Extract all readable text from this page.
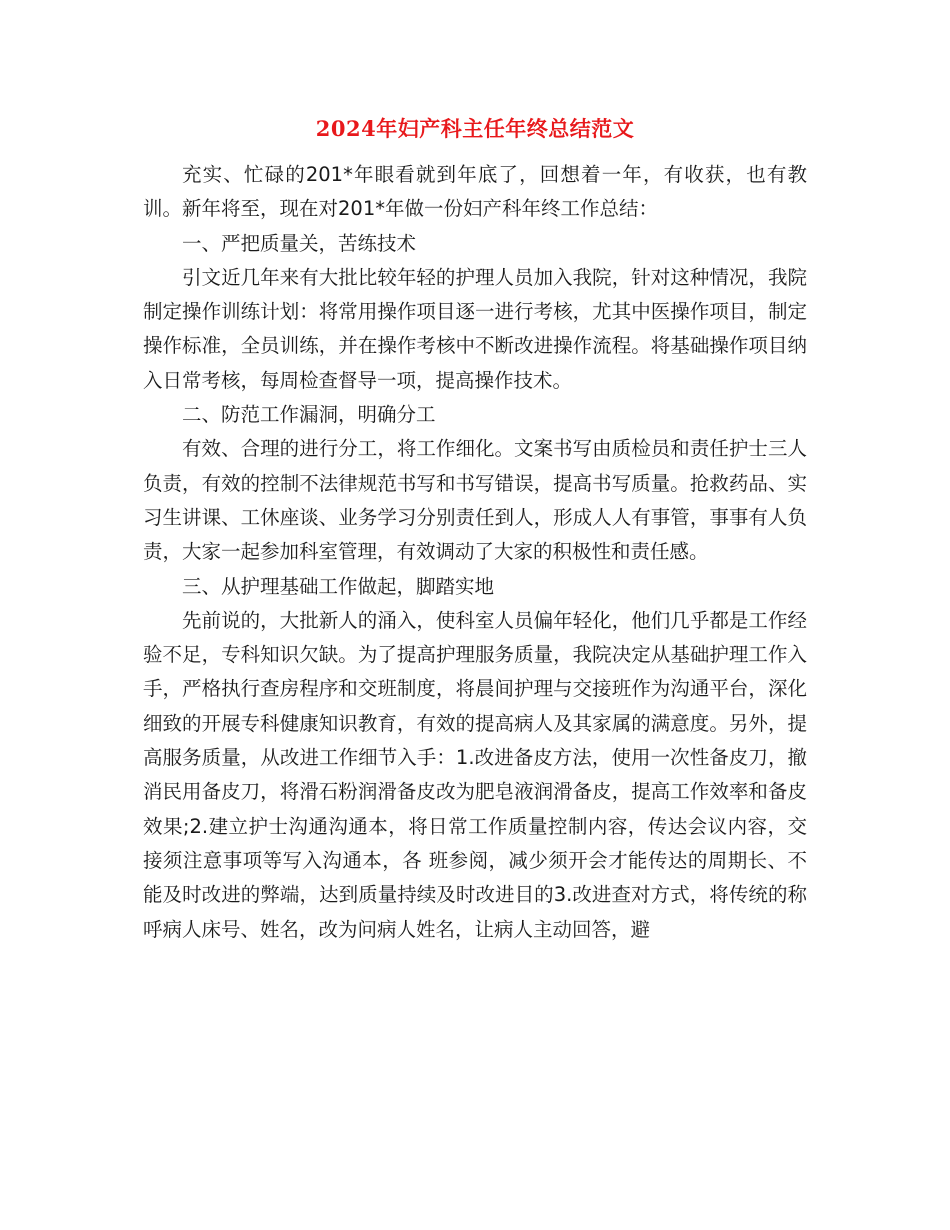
2024年妇产科主任年终总结范文

充实、忙碌的201*年眼看就到年底了，回想着一年，有收获，也有教训。新年将至，现在对201*年做一份妇产科年终工作总结：

一、严把质量关，苦练技术

引文近几年来有大批比较年轻的护理人员加入我院，针对这种情况，我院制定操作训练计划：将常用操作项目逐一进行考核，尤其中医操作项目，制定操作标准，全员训练，并在操作考核中不断改进操作流程。将基础操作项目纳入日常考核，每周检查督导一项，提高操作技术。

二、防范工作漏洞，明确分工

有效、合理的进行分工，将工作细化。文案书写由质检员和责任护士三人负责，有效的控制不法律规范书写和书写错误，提高书写质量。抢救药品、实习生讲课、工休座谈、业务学习分别责任到人，形成人人有事管，事事有人负责，大家一起参加科室管理，有效调动了大家的积极性和责任感。

三、从护理基础工作做起，脚踏实地

先前说的，大批新人的涌入，使科室人员偏年轻化，他们几乎都是工作经验不足，专科知识欠缺。为了提高护理服务质量，我院决定从基础护理工作入手，严格执行查房程序和交班制度，将晨间护理与交接班作为沟通平台，深化细致的开展专科健康知识教育，有效的提高病人及其家属的满意度。另外，提高服务质量，从改进工作细节入手：1.改进备皮方法，使用一次性备皮刀，撤消民用备皮刀，将滑石粉润滑备皮改为肥皂液润滑备皮，提高工作效率和备皮效果;2.建立护士沟通沟通本，将日常工作质量控制内容，传达会议内容，交接须注意事项等写入沟通本，各 班参阅，减少须开会才能传达的周期长、不能及时改进的弊端，达到质量持续及时改进目的3.改进查对方式，将传统的称呼病人床号、姓名，改为问病人姓名，让病人主动回答，避
